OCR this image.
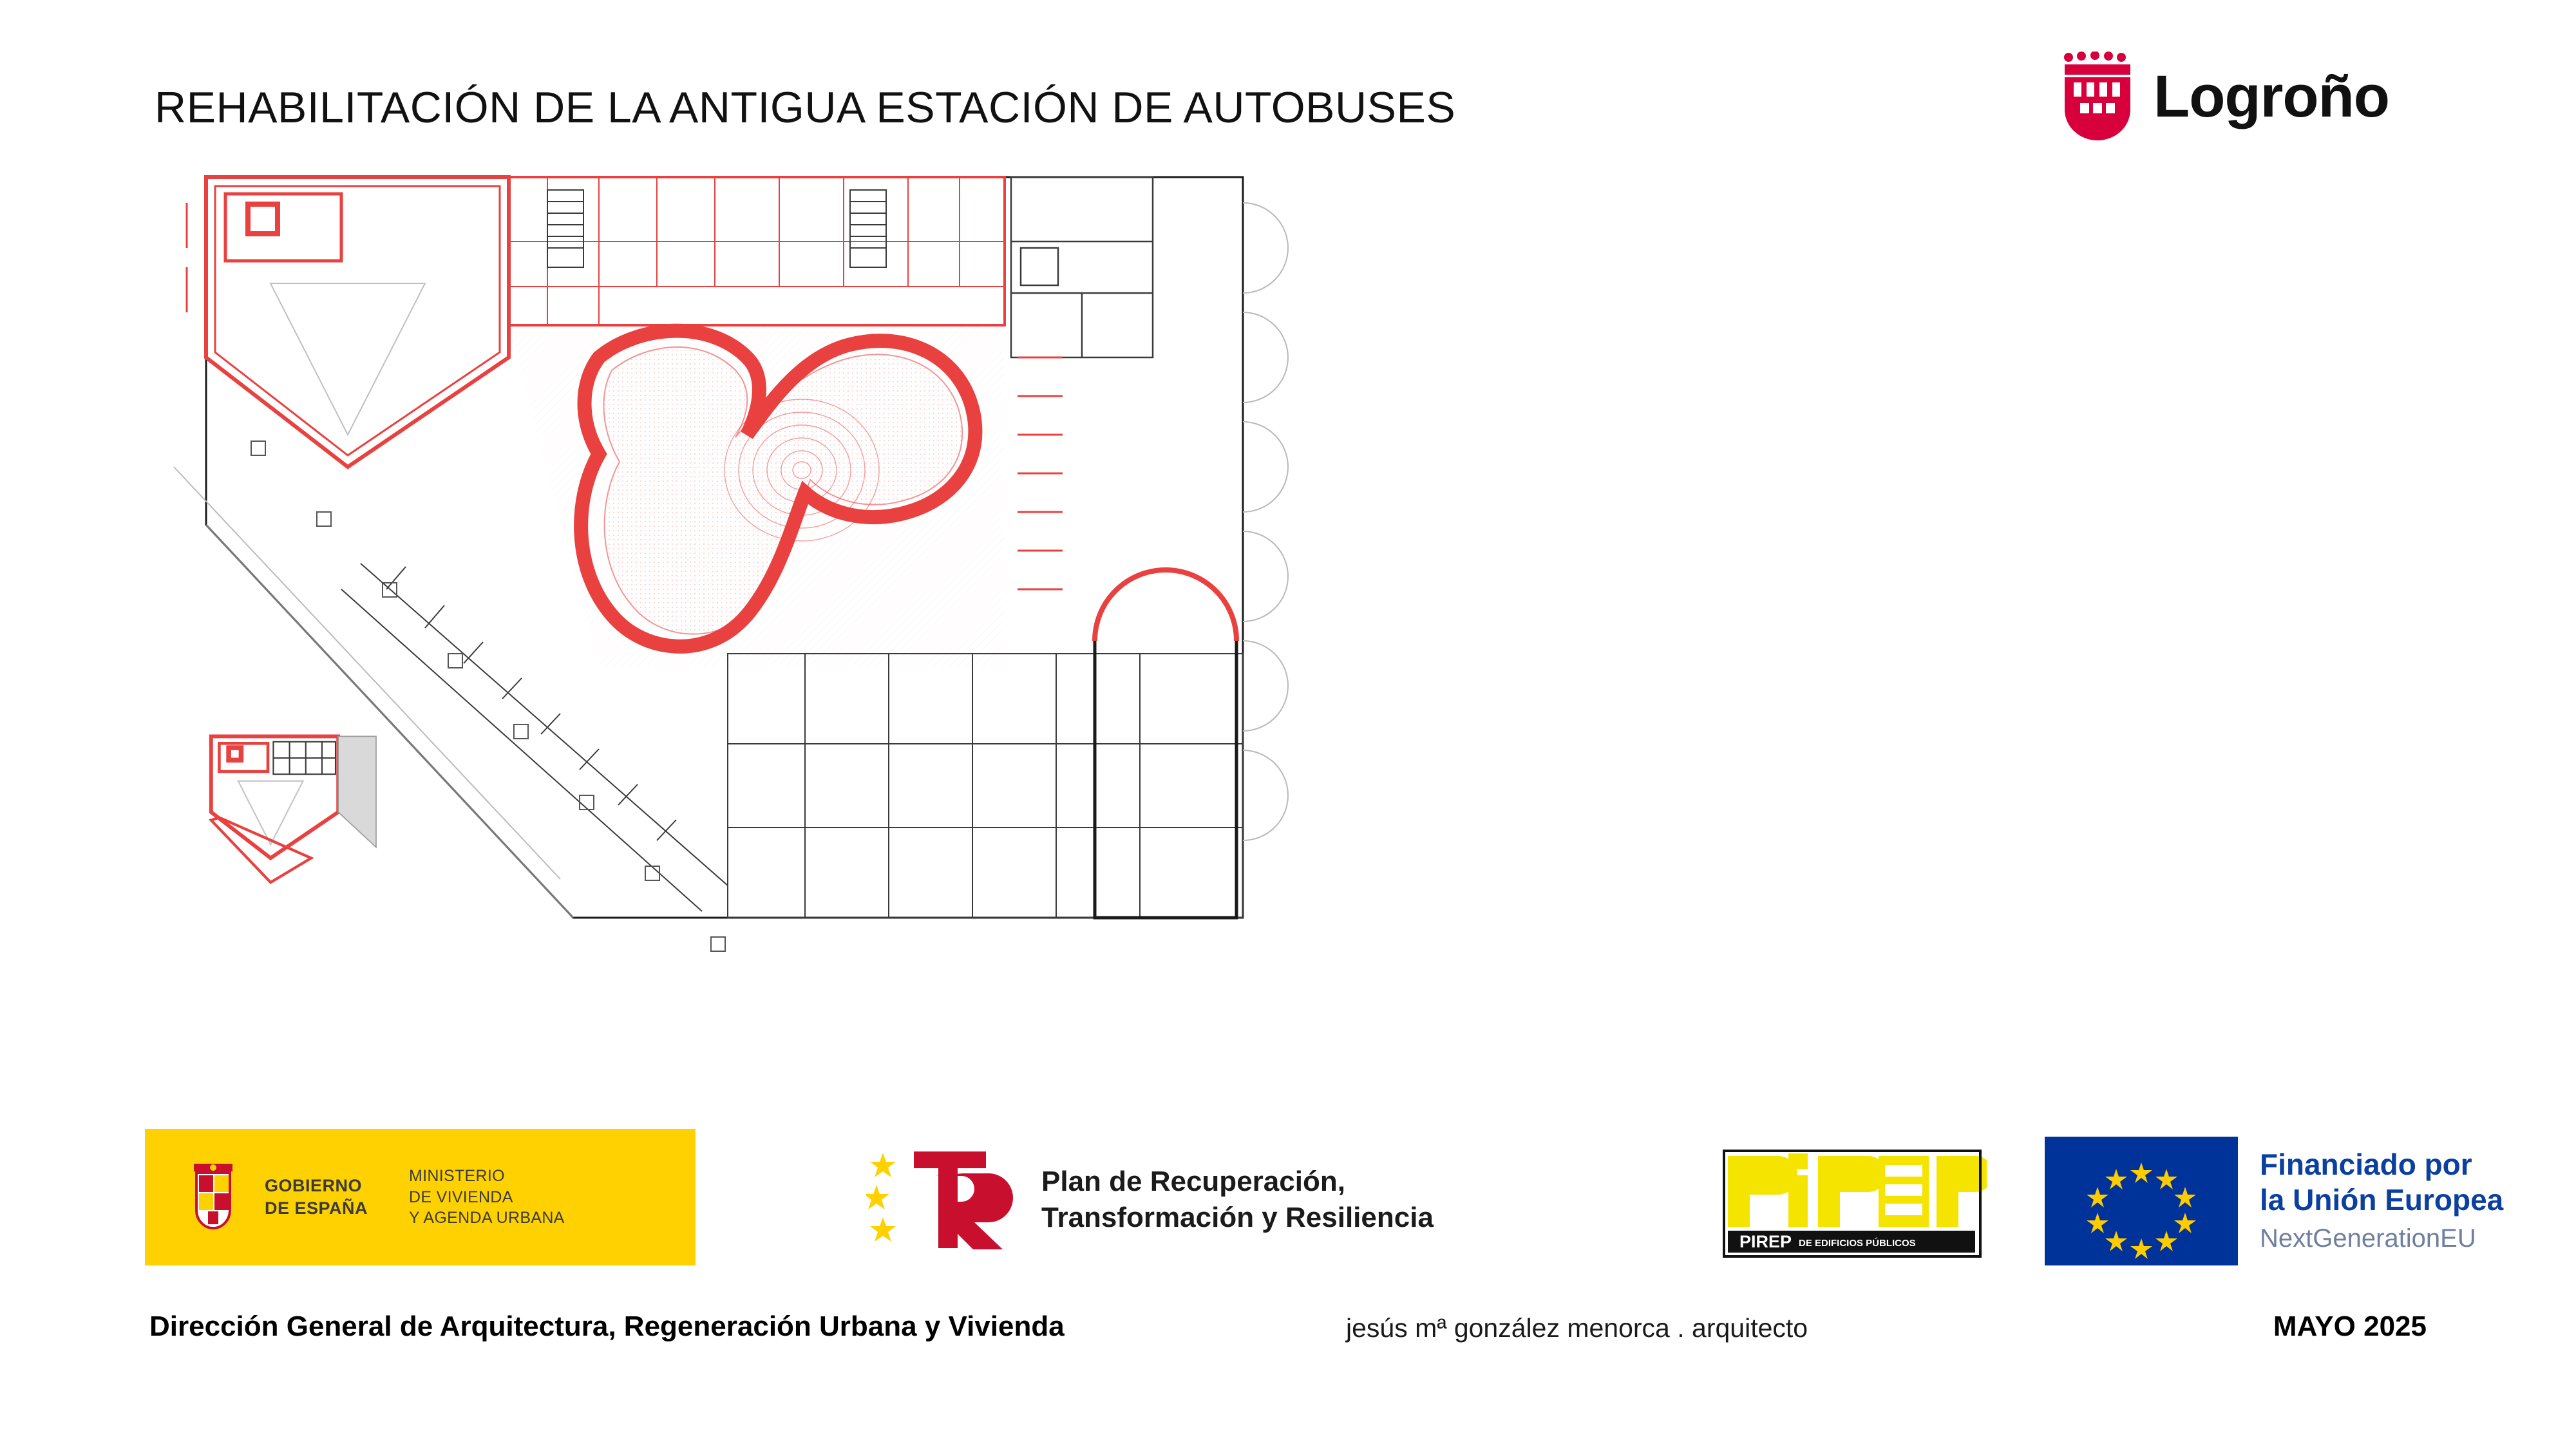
REHABILITACIÓN DE LA ANTIGUA ESTACIÓN DE AUTOBUSES	Logroño
GOBIERNO
DE ESPAÑA
MINISTERIO
DE VIVIENDA
Y AGENDA URBANA
Plan de Recuperación,
Transformación y Resiliencia
PIREP DE EDIFICIOS PÚBLICOS
Financiado por
la Unión Europea
NextGenerationEU
Dirección General de Arquitectura, Regeneración Urbana y Vivienda	jesús mª gonzález menorca . arquitecto	MAYO 2025
